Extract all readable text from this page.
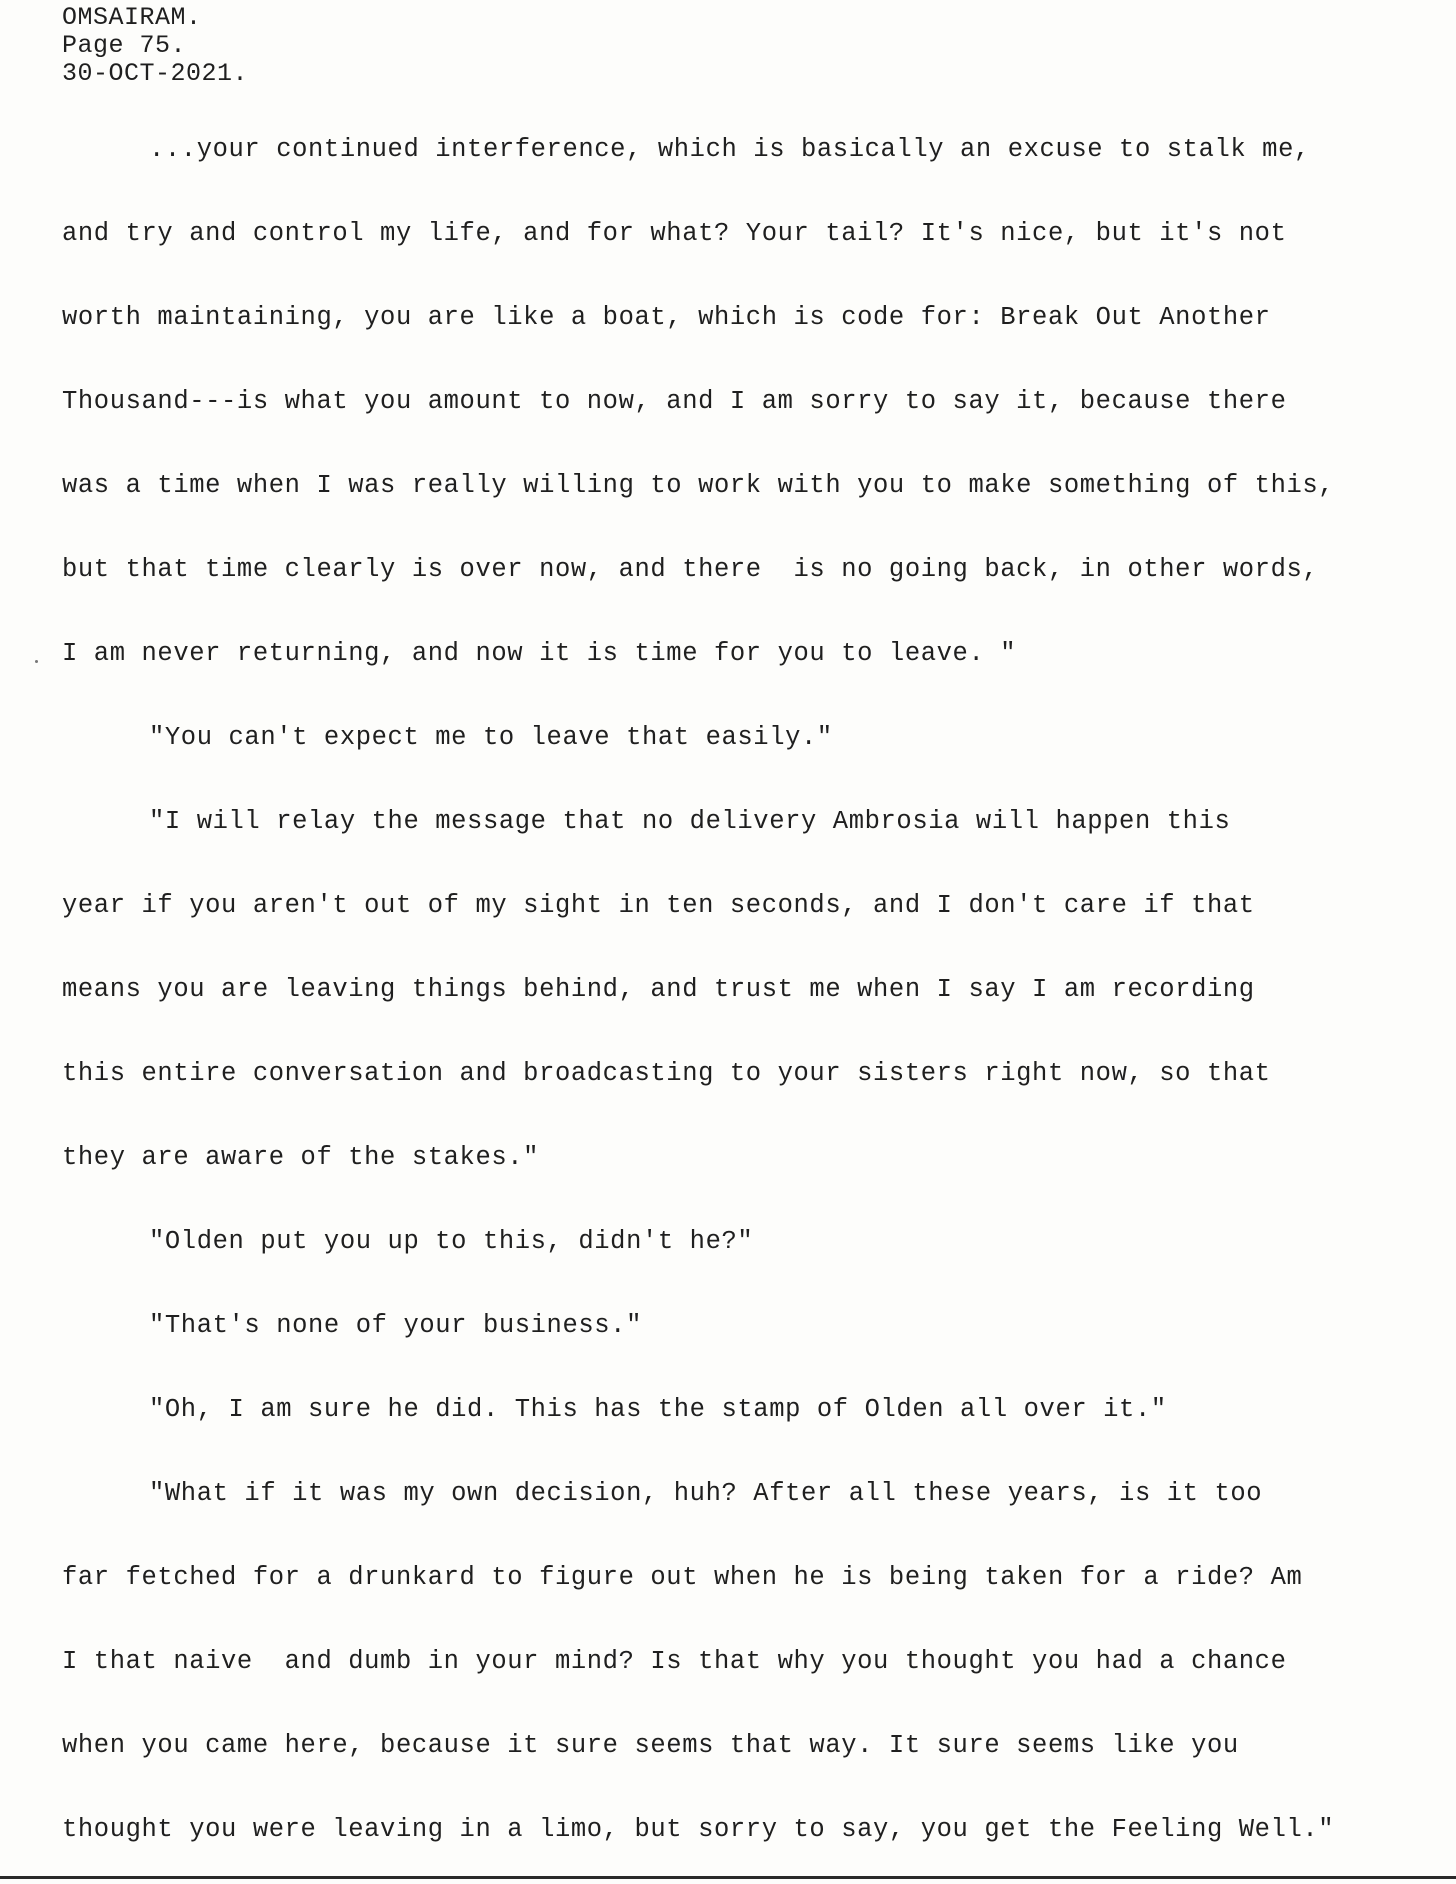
OMSAIRAM.
Page 75.
30-OCT-2021.
...your continued interference, which is basically an excuse to stalk me,
and try and control my life, and for what? Your tail? It's nice, but it's not
worth maintaining, you are like a boat, which is code for: Break Out Another
Thousand---is what you amount to now, and I am sorry to say it, because there
was a time when I was really willing to work with you to make something of this,
but that time clearly is over now, and there  is no going back, in other words,
I am never returning, and now it is time for you to leave. "
"You can't expect me to leave that easily."
"I will relay the message that no delivery Ambrosia will happen this
year if you aren't out of my sight in ten seconds, and I don't care if that
means you are leaving things behind, and trust me when I say I am recording
this entire conversation and broadcasting to your sisters right now, so that
they are aware of the stakes."
"Olden put you up to this, didn't he?"
"That's none of your business."
"Oh, I am sure he did. This has the stamp of Olden all over it."
"What if it was my own decision, huh? After all these years, is it too
far fetched for a drunkard to figure out when he is being taken for a ride? Am
I that naive  and dumb in your mind? Is that why you thought you had a chance
when you came here, because it sure seems that way. It sure seems like you
thought you were leaving in a limo, but sorry to say, you get the Feeling Well."
